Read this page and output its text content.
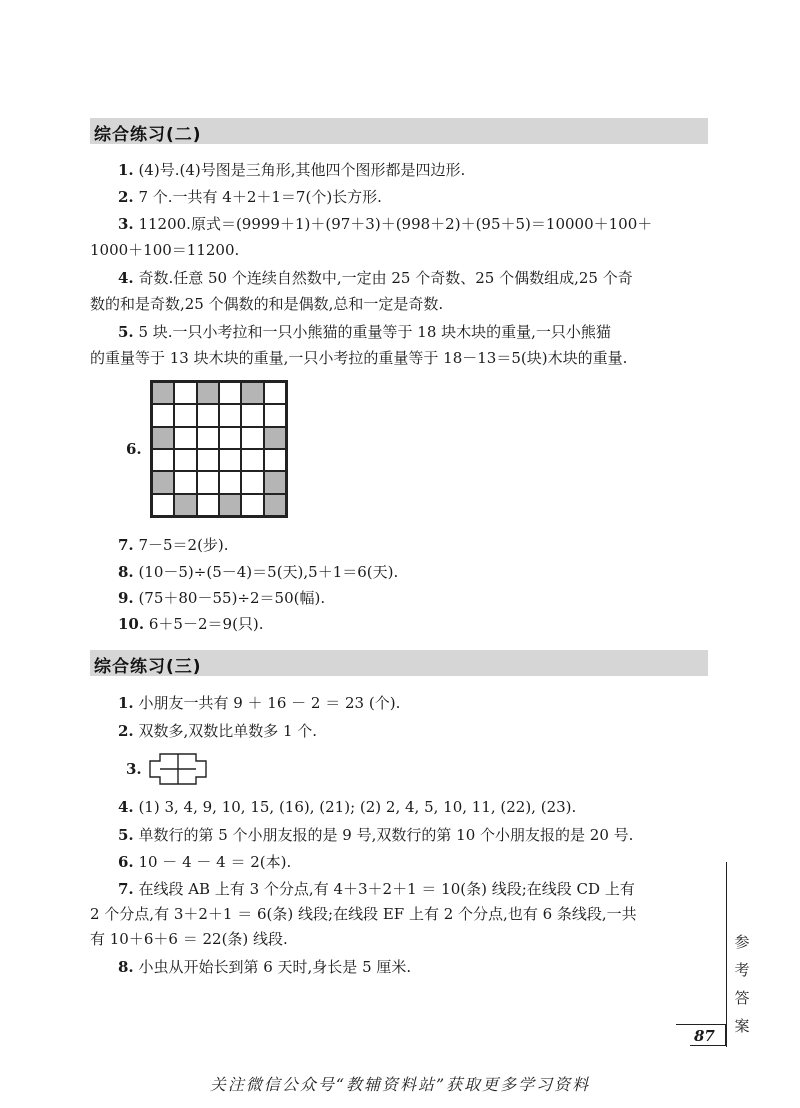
综合练习(二)
1. (4)号.(4)号图是三角形,其他四个图形都是四边形.
2. 7 个.一共有 4＋2＋1＝7(个)长方形.
3. 11200.原式＝(9999＋1)＋(97＋3)＋(998＋2)＋(95＋5)＝10000＋100＋
1000＋100＝11200.
4. 奇数.任意 50 个连续自然数中,一定由 25 个奇数、25 个偶数组成,25 个奇
数的和是奇数,25 个偶数的和是偶数,总和一定是奇数.
5. 5 块.一只小考拉和一只小熊猫的重量等于 18 块木块的重量,一只小熊猫
的重量等于 13 块木块的重量,一只小考拉的重量等于 18－13＝5(块)木块的重量.
6.
7. 7－5＝2(步).
8. (10－5)÷(5－4)＝5(天),5＋1＝6(天).
9. (75＋80－55)÷2＝50(幅).
10. 6＋5－2＝9(只).
综合练习(三)
1. 小朋友一共有 9 ＋ 16 － 2 ＝ 23 (个).
2. 双数多,双数比单数多 1 个.
3.
4. (1) 3, 4, 9, 10, 15, (16), (21); (2) 2, 4, 5, 10, 11, (22), (23).
5. 单数行的第 5 个小朋友报的是 9 号,双数行的第 10 个小朋友报的是 20 号.
6. 10 － 4 － 4 ＝ 2(本).
7. 在线段 AB 上有 3 个分点,有 4＋3＋2＋1 ＝ 10(条) 线段;在线段 CD 上有
2 个分点,有 3＋2＋1 ＝ 6(条) 线段;在线段 EF 上有 2 个分点,也有 6 条线段,一共
有 10＋6＋6 ＝ 22(条) 线段.
8. 小虫从开始长到第 6 天时,身长是 5 厘米.
参
考
答
案
87
关注微信公众号“教辅资料站”获取更多学习资料
